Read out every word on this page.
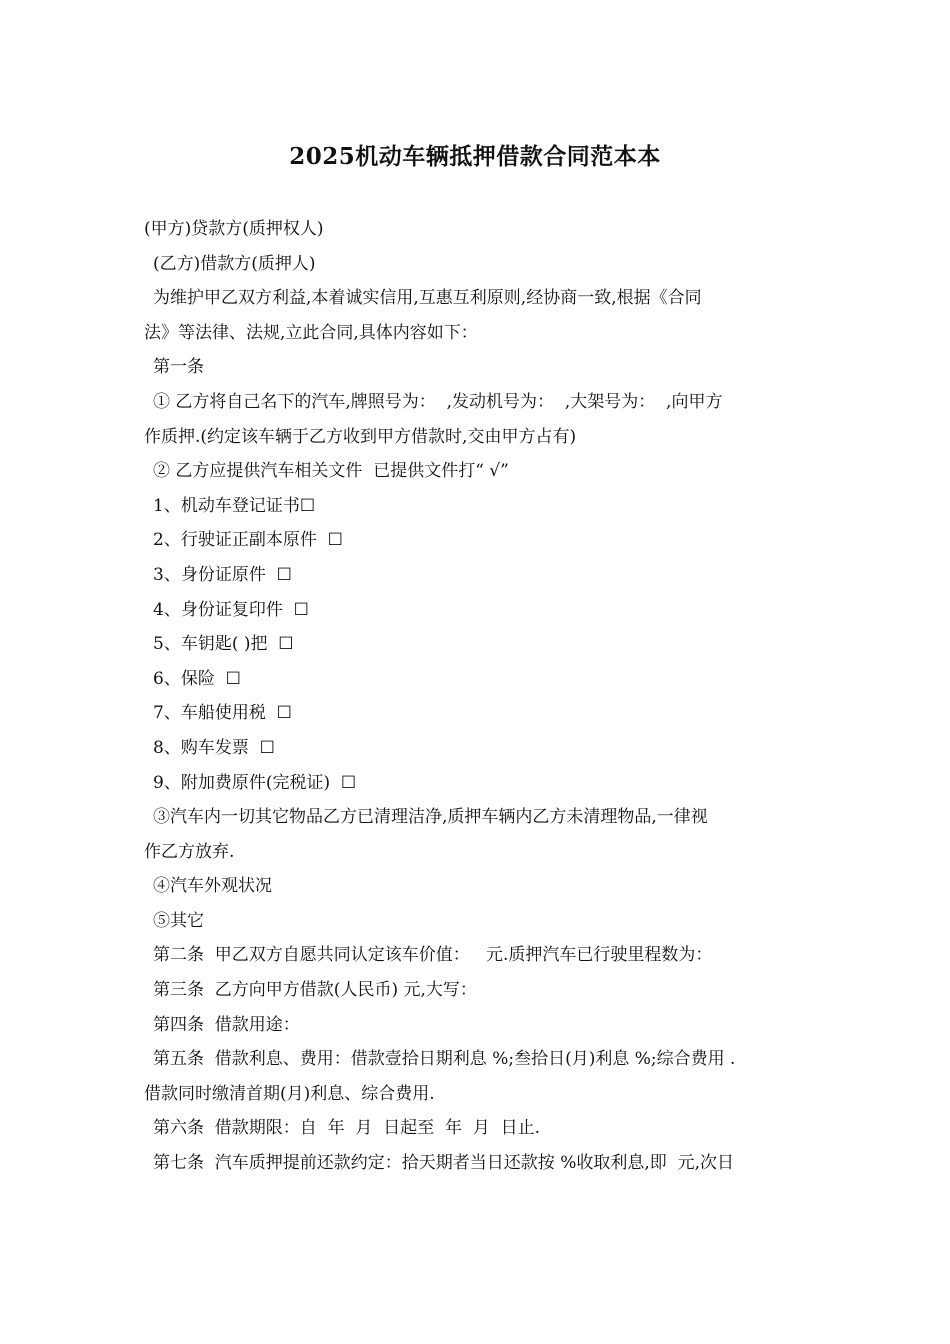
2025机动车辆抵押借款合同范本本
(甲方)贷款方(质押权人)
(乙方)借款方(质押人)
为维护甲乙双方利益,本着诚实信用,互惠互利原则,经协商一致,根据《合同
法》等法律、法规,立此合同,具体内容如下：
第一条
① 乙方将自己名下的汽车,牌照号为：  ,发动机号为：  ,大架号为：  ,向甲方
作质押.(约定该车辆于乙方收到甲方借款时,交由甲方占有)
② 乙方应提供汽车相关文件  已提供文件打“ √”
1、机动车登记证书☐
2、行驶证正副本原件  ☐
3、身份证原件  ☐
4、身份证复印件  ☐
5、车钥匙( )把  ☐
6、保险  ☐
7、车船使用税  ☐
8、购车发票  ☐
9、附加费原件(完税证)  ☐
③汽车内一切其它物品乙方已清理洁净,质押车辆内乙方未清理物品,一律视
作乙方放弃.
④汽车外观状况
⑤其它
第二条  甲乙双方自愿共同认定该车价值：   元.质押汽车已行驶里程数为：
第三条  乙方向甲方借款(人民币) 元,大写：
第四条  借款用途：
第五条  借款利息、费用：借款壹拾日期利息 %;叁拾日(月)利息 %;综合费用 .
借款同时缴清首期(月)利息、综合费用.
第六条  借款期限：自  年  月  日起至  年  月  日止.
第七条  汽车质押提前还款约定：拾天期者当日还款按 %收取利息,即  元,次日
